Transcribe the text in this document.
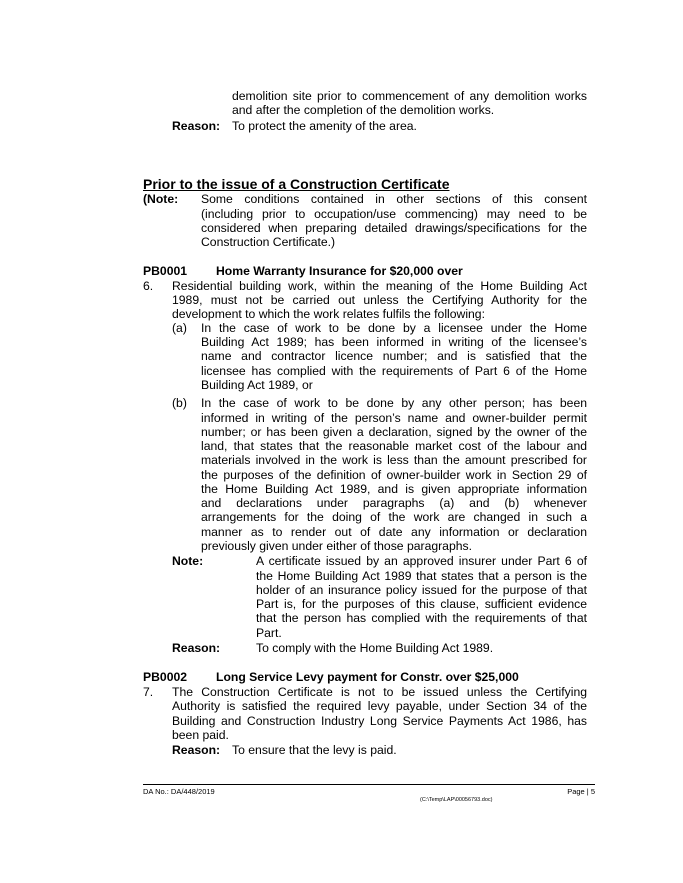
demolition site prior to commencement of any demolition works
and after the completion of the demolition works.
Reason: To protect the amenity of the area.
Prior to the issue of a Construction Certificate
(Note: Some conditions contained in other sections of this consent
(including prior to occupation/use commencing) may need to be
considered when preparing detailed drawings/specifications for the
Construction Certificate.)
PB0001 Home Warranty Insurance for $20,000 over
6. Residential building work, within the meaning of the Home Building Act
1989, must not be carried out unless the Certifying Authority for the
development to which the work relates fulfils the following:
(a) In the case of work to be done by a licensee under the Home
Building Act 1989; has been informed in writing of the licensee’s
name and contractor licence number; and is satisfied that the
licensee has complied with the requirements of Part 6 of the Home
Building Act 1989, or
(b) In the case of work to be done by any other person; has been
informed in writing of the person’s name and owner-builder permit
number; or has been given a declaration, signed by the owner of the
land, that states that the reasonable market cost of the labour and
materials involved in the work is less than the amount prescribed for
the purposes of the definition of owner-builder work in Section 29 of
the Home Building Act 1989, and is given appropriate information
and declarations under paragraphs (a) and (b) whenever
arrangements for the doing of the work are changed in such a
manner as to render out of date any information or declaration
previously given under either of those paragraphs.
Note:	A certificate issued by an approved insurer under Part 6 of
the Home Building Act 1989 that states that a person is the
holder of an insurance policy issued for the purpose of that
Part is, for the purposes of this clause, sufficient evidence
that the person has complied with the requirements of that
Part.
Reason:	To comply with the Home Building Act 1989.
PB0002 Long Service Levy payment for Constr. over $25,000
7. The Construction Certificate is not to be issued unless the Certifying
Authority is satisfied the required levy payable, under Section 34 of the
Building and Construction Industry Long Service Payments Act 1986, has
been paid.
Reason: To ensure that the levy is paid.
DA No.: DA/448/2019	Page | 5
(C:\Temp\LAP\00056793.doc)
